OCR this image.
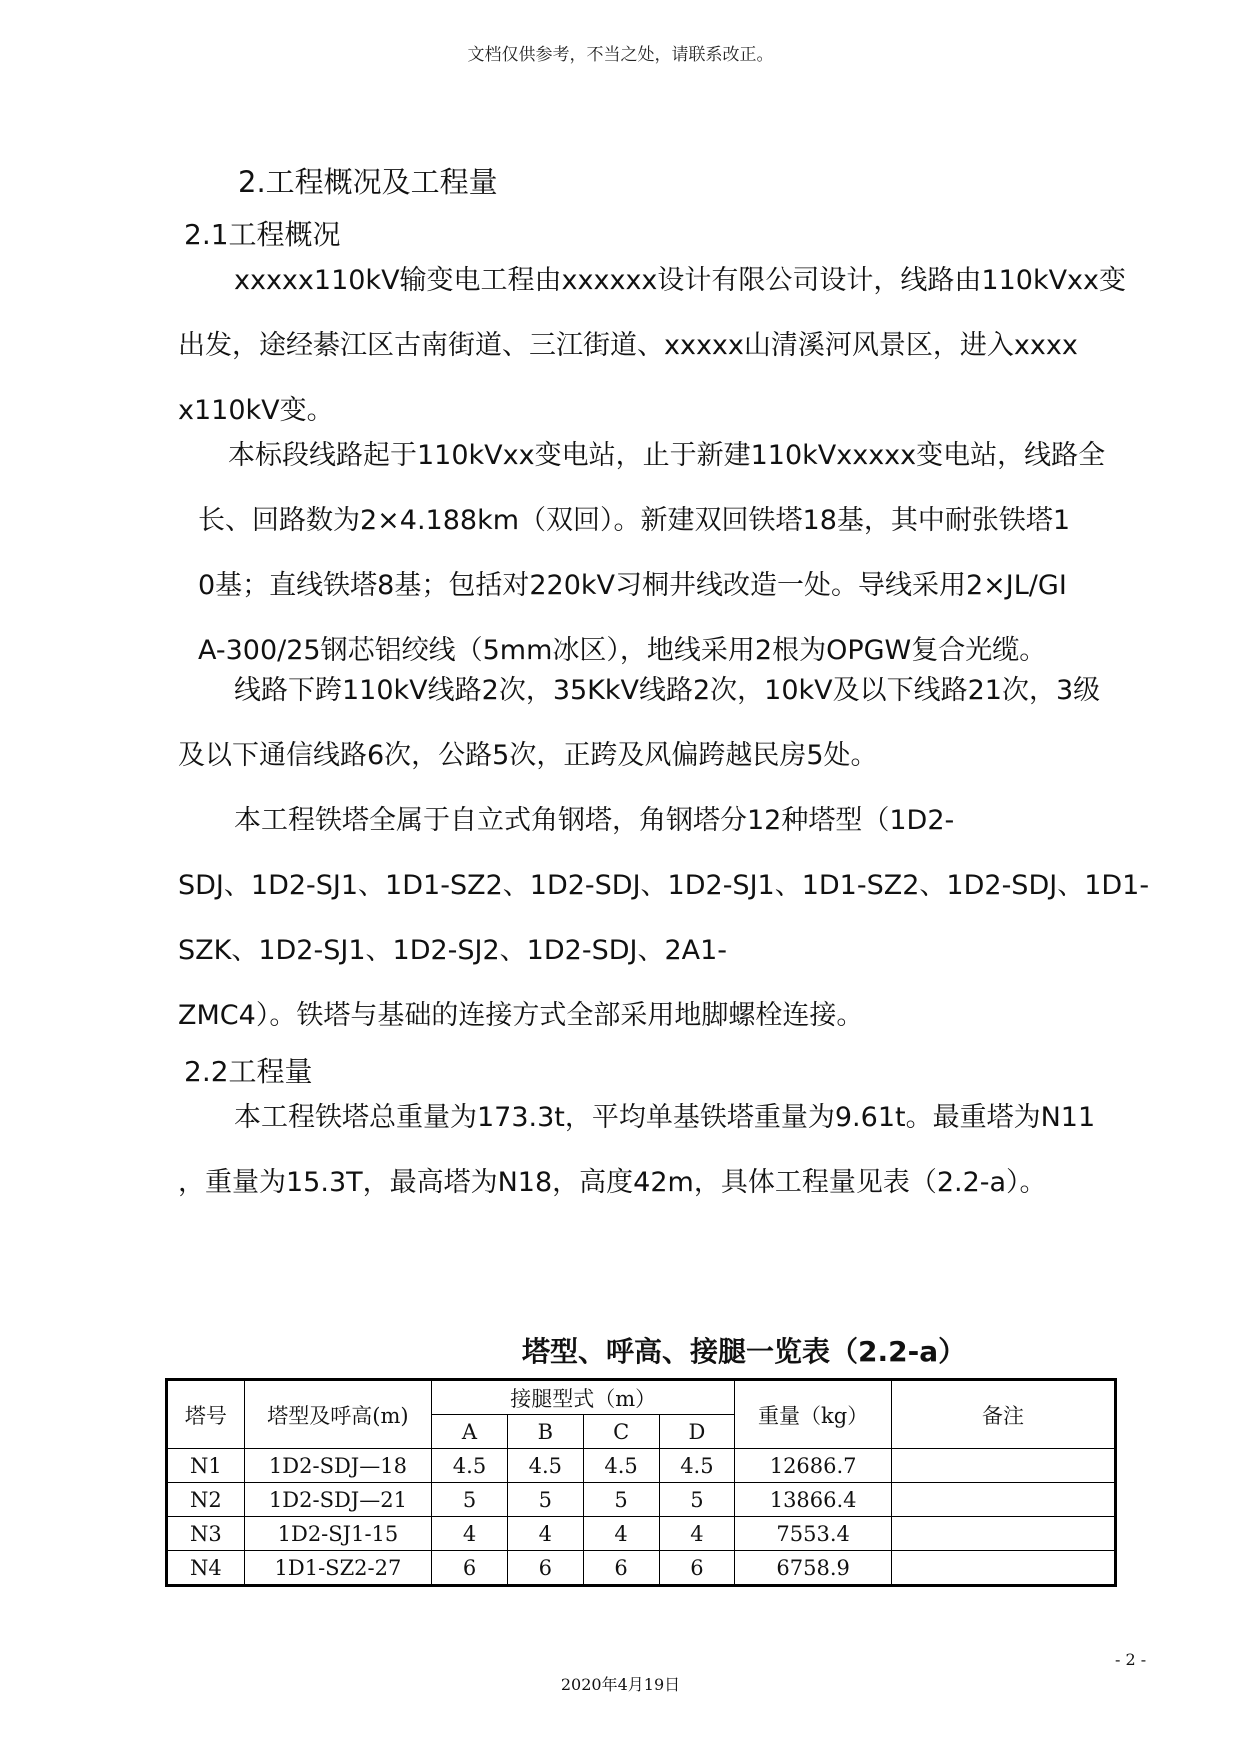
文档仅供参考，不当之处，请联系改正。
2.工程概况及工程量
2.1工程概况
xxxxx110kV输变电工程由xxxxxx设计有限公司设计，线路由110kVxx变
出发，途经綦江区古南街道、三江街道、xxxxx山清溪河风景区，进入xxxx
x110kV变。
本标段线路起于110kVxx变电站，止于新建110kVxxxxx变电站，线路全
长、回路数为2×4.188km（双回）。新建双回铁塔18基，其中耐张铁塔1
0基；直线铁塔8基；包括对220kV习桐井线改造一处。导线采用2×JL/GI
A-300/25钢芯铝绞线（5mm冰区），地线采用2根为OPGW复合光缆。
线路下跨110kV线路2次，35KkV线路2次，10kV及以下线路21次，3级
及以下通信线路6次，公路5次，正跨及风偏跨越民房5处。
本工程铁塔全属于自立式角钢塔，角钢塔分12种塔型（1D2-
SDJ、1D2-SJ1、1D1-SZ2、1D2-SDJ、1D2-SJ1、1D1-SZ2、1D2-SDJ、1D1-
SZK、1D2-SJ1、1D2-SJ2、1D2-SDJ、2A1-
ZMC4）。铁塔与基础的连接方式全部采用地脚螺栓连接。
2.2工程量
本工程铁塔总重量为173.3t，平均单基铁塔重量为9.61t。最重塔为N11
，重量为15.3T，最高塔为N18，高度42m，具体工程量见表（2.2-a）。
塔型、呼高、接腿一览表（2.2-a）
塔号	塔型及呼高(m)	接腿型式（m）				重量（kg）	备注
		A	B	C	D		
N1	1D2-SDJ—18	4.5	4.5	4.5	4.5	12686.7	
N2	1D2-SDJ—21	5	5	5	5	13866.4	
N3	1D2-SJ1-15	4	4	4	4	7553.4	
N4	1D1-SZ2-27	6	6	6	6	6758.9	
- 2 -
2020年4月19日
